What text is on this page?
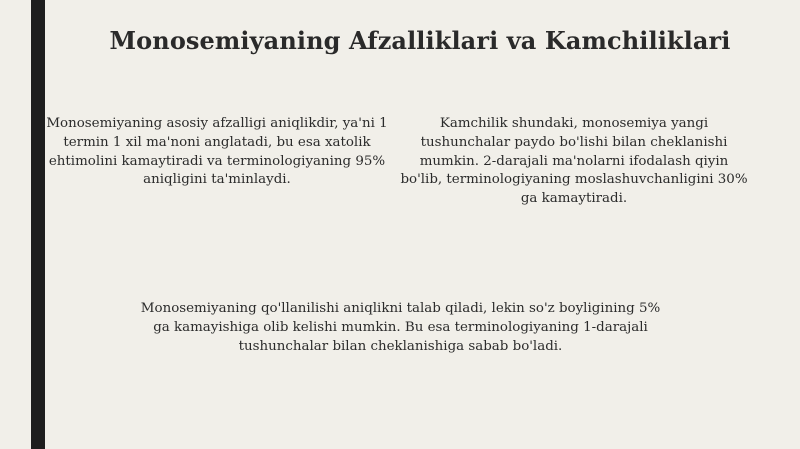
Monosemiyaning Afzalliklari va Kamchiliklari
Monosemiyaning asosiy afzalligi aniqlikdir, ya'ni 1 termin 1 xil ma'noni anglatadi, bu esa xatolik ehtimolini kamaytiradi va terminologiyaning 95% aniqligini ta'minlaydi.
Kamchilik shundaki, monosemiya yangi tushunchalar paydo bo'lishi bilan cheklanishi mumkin. 2-darajali ma'nolarni ifodalash qiyin bo'lib, terminologiyaning moslashuvchanligini 30% ga kamaytiradi.
Monosemiyaning qo'llanilishi aniqlikni talab qiladi, lekin so'z boyligining 5% ga kamayishiga olib kelishi mumkin. Bu esa terminologiyaning 1-darajali tushunchalar bilan cheklanishiga sabab bo'ladi.
